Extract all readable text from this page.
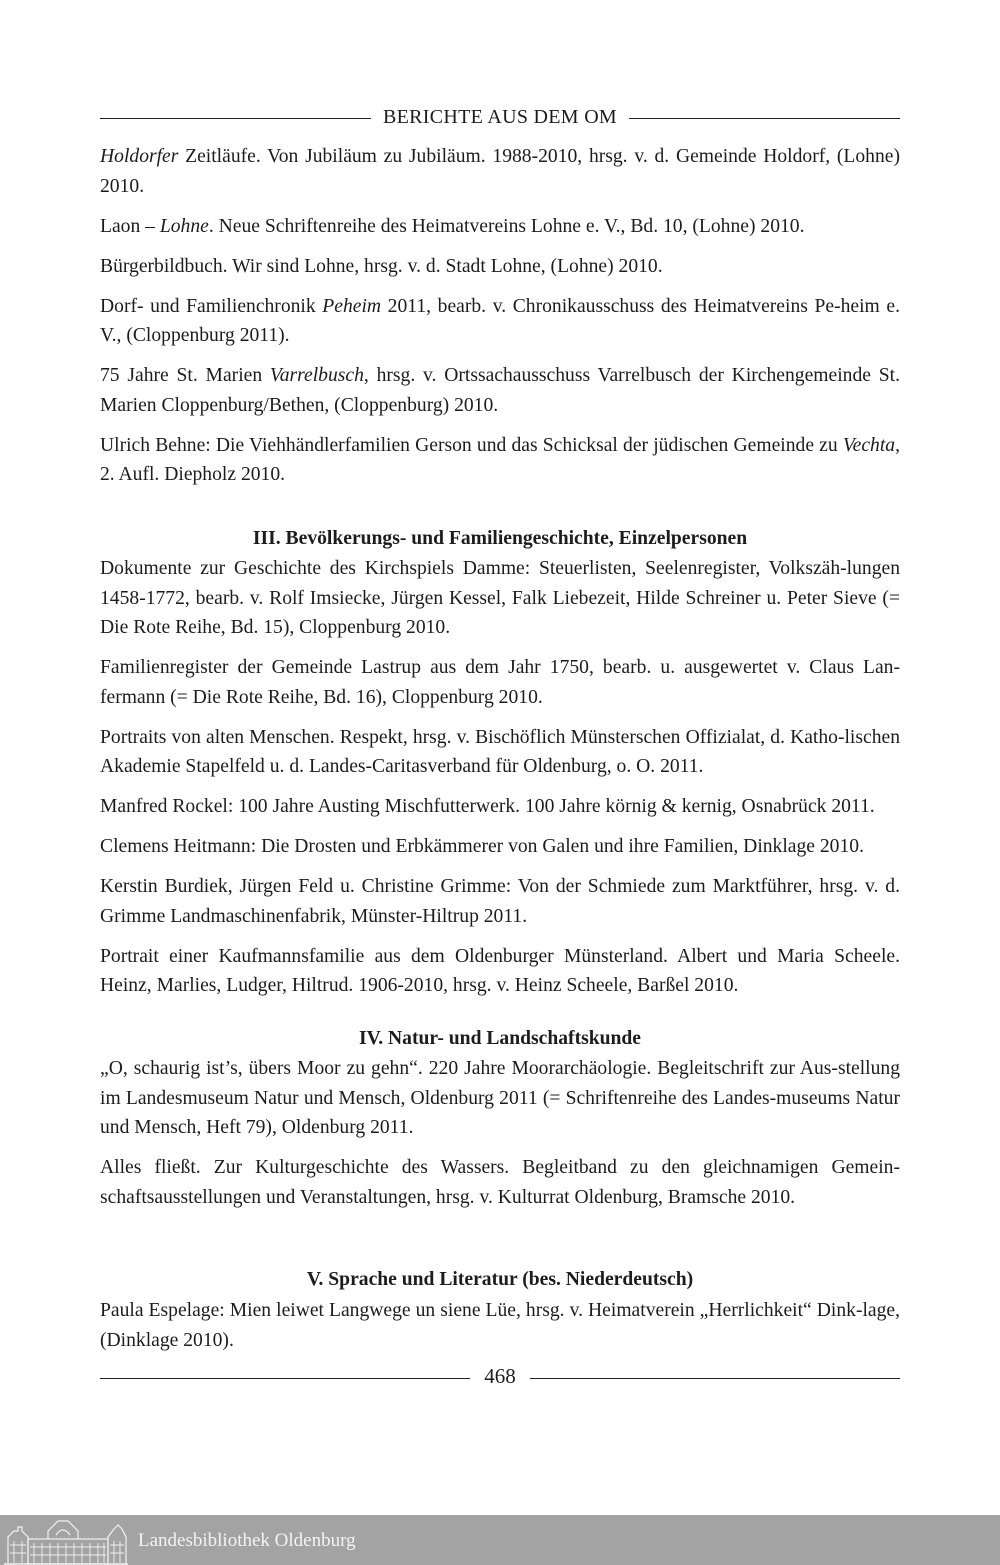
BERICHTE AUS DEM OM

Holdorfer Zeitläufe. Von Jubiläum zu Jubiläum. 1988-2010, hrsg. v. d. Gemeinde Holdorf, (Lohne) 2010.

Laon – Lohne. Neue Schriftenreihe des Heimatvereins Lohne e. V., Bd. 10, (Lohne) 2010.

Bürgerbildbuch. Wir sind Lohne, hrsg. v. d. Stadt Lohne, (Lohne) 2010.

Dorf- und Familienchronik Peheim 2011, bearb. v. Chronikausschuss des Heimatvereins Pe-heim e. V., (Cloppenburg 2011).

75 Jahre St. Marien Varrelbusch, hrsg. v. Ortssachausschuss Varrelbusch der Kirchengemeinde St. Marien Cloppenburg/Bethen, (Cloppenburg) 2010.

Ulrich Behne: Die Viehhändlerfamilien Gerson und das Schicksal der jüdischen Gemeinde zu Vechta, 2. Aufl. Diepholz 2010.

III. Bevölkerungs- und Familiengeschichte, Einzelpersonen

Dokumente zur Geschichte des Kirchspiels Damme: Steuerlisten, Seelenregister, Volkszäh-lungen 1458-1772, bearb. v. Rolf Imsiecke, Jürgen Kessel, Falk Liebezeit, Hilde Schreiner u. Peter Sieve (= Die Rote Reihe, Bd. 15), Cloppenburg 2010.

Familienregister der Gemeinde Lastrup aus dem Jahr 1750, bearb. u. ausgewertet v. Claus Lan-fermann (= Die Rote Reihe, Bd. 16), Cloppenburg 2010.

Portraits von alten Menschen. Respekt, hrsg. v. Bischöflich Münsterschen Offizialat, d. Katho-lischen Akademie Stapelfeld u. d. Landes-Caritasverband für Oldenburg, o. O. 2011.

Manfred Rockel: 100 Jahre Austing Mischfutterwerk. 100 Jahre körnig & kernig, Osnabrück 2011.

Clemens Heitmann: Die Drosten und Erbkämmerer von Galen und ihre Familien, Dinklage 2010.

Kerstin Burdiek, Jürgen Feld u. Christine Grimme: Von der Schmiede zum Marktführer, hrsg. v. d. Grimme Landmaschinenfabrik, Münster-Hiltrup 2011.

Portrait einer Kaufmannsfamilie aus dem Oldenburger Münsterland. Albert und Maria Scheele. Heinz, Marlies, Ludger, Hiltrud. 1906-2010, hrsg. v. Heinz Scheele, Barßel 2010.

IV. Natur- und Landschaftskunde

„O, schaurig ist’s, übers Moor zu gehn“. 220 Jahre Moorarchäologie. Begleitschrift zur Aus-stellung im Landesmuseum Natur und Mensch, Oldenburg 2011 (= Schriftenreihe des Landes-museums Natur und Mensch, Heft 79), Oldenburg 2011.

Alles fließt. Zur Kulturgeschichte des Wassers. Begleitband zu den gleichnamigen Gemein-schaftsausstellungen und Veranstaltungen, hrsg. v. Kulturrat Oldenburg, Bramsche 2010.

V. Sprache und Literatur (bes. Niederdeutsch)

Paula Espelage: Mien leiwet Langwege un siene Lüe, hrsg. v. Heimatverein „Herrlichkeit“ Dink-lage, (Dinklage 2010).

468
Landesbibliothek Oldenburg
